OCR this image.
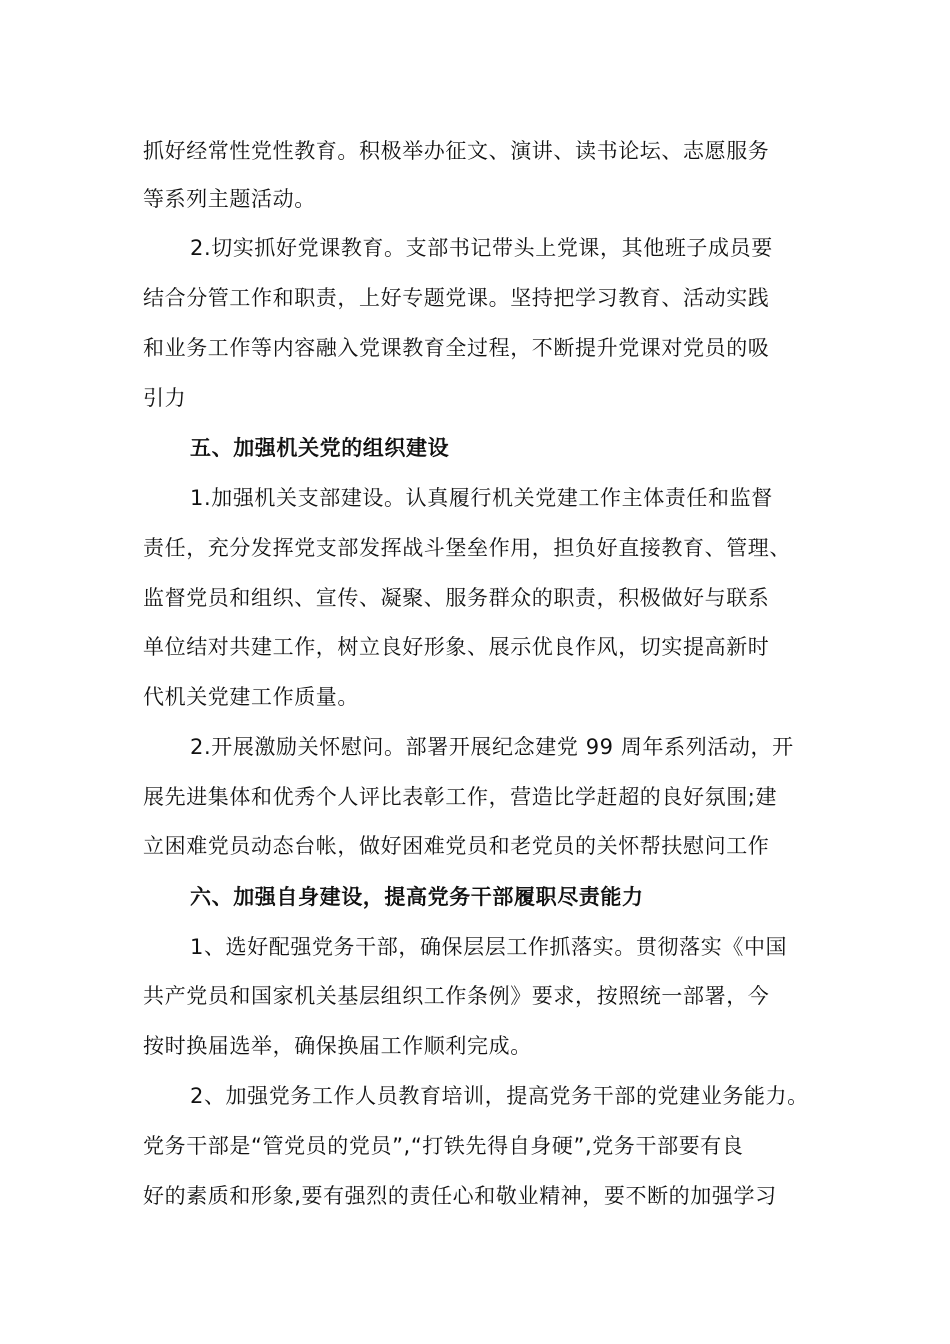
抓好经常性党性教育。积极举办征文、演讲、读书论坛、志愿服务
等系列主题活动。
2.切实抓好党课教育。支部书记带头上党课，其他班子成员要
结合分管工作和职责，上好专题党课。坚持把学习教育、活动实践
和业务工作等内容融入党课教育全过程，不断提升党课对党员的吸
引力
五、加强机关党的组织建设
1.加强机关支部建设。认真履行机关党建工作主体责任和监督
责任，充分发挥党支部发挥战斗堡垒作用，担负好直接教育、管理、
监督党员和组织、宣传、凝聚、服务群众的职责，积极做好与联系
单位结对共建工作，树立良好形象、展示优良作风，切实提高新时
代机关党建工作质量。
2.开展激励关怀慰问。部署开展纪念建党 99 周年系列活动，开
展先进集体和优秀个人评比表彰工作，营造比学赶超的良好氛围;建
立困难党员动态台帐，做好困难党员和老党员的关怀帮扶慰问工作
六、加强自身建设，提高党务干部履职尽责能力
1、选好配强党务干部，确保层层工作抓落实。贯彻落实《中国
共产党员和国家机关基层组织工作条例》要求，按照统一部署，今
按时换届选举，确保换届工作顺利完成。
2、加强党务工作人员教育培训，提高党务干部的党建业务能力。
党务干部是“管党员的党员”,“打铁先得自身硬”,党务干部要有良
好的素质和形象,要有强烈的责任心和敬业精神，要不断的加强学习
